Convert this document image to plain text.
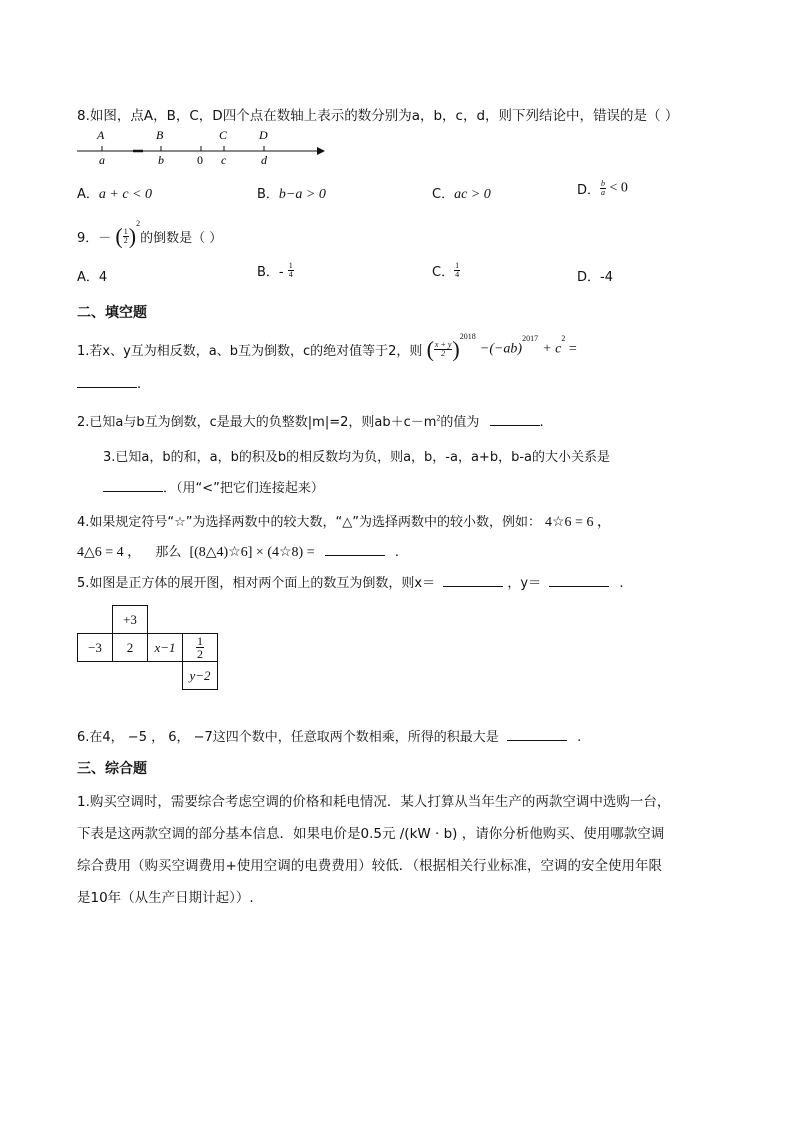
8.如图，点A，B，C，D四个点在数轴上表示的数分别为a，b，c，d，则下列结论中，错误的是（ ）
A	B	C	D
a	b	0 c	d
A．a + c < 0	B．b−a > 0	C．ac > 0	D． $\frac{b}{a} < 0$
9．－ ( $\frac{1}{2} )^2$的倒数是（ ）
A．4	B．- $\frac{1}{4}$	C． $\frac{1}{4}$	D．-4
二、填空题
1.若x、y互为相反数，a、b互为倒数，c的绝对值等于2，则 ( $\frac{x + y}{2} )^{2018} -(-ab)^{2017} + c^2$ =
.
2.已知a与b互为倒数，c是最大的负整数|m|=2，则$ab+c-m^2$的值为	.
3.已知a，b的和，a，b的积及b的相反数均为负，则a，b，-a，a+b，b-a的大小关系是
．（用“<”把它们连接起来）
4.如果规定符号“☆”为选择两数中的较大数，“△”为选择两数中的较小数，例如： 4☆6 = 6 ，
4△6 = 4 ， 那么 [(8△4)☆6] × (4☆8) =	.
5.如图是正方体的展开图，相对两个面上的数互为倒数，则x＝	，y＝	.
	+3		
−3	2	x−1	$\frac{1}{2}$

			y−2
6.在4， −5 ， 6， −7这四个数中，任意取两个数相乘，所得的积最大是	.
三、综合题
1.购买空调时，需要综合考虑空调的价格和耗电情况．某人打算从当年生产的两款空调中选购一台，
下表是这两款空调的部分基本信息．如果电价是0.5元 /(kW · b) ，请你分析他购买、使用哪款空调
综合费用（购买空调费用+使用空调的电费费用）较低．（根据相关行业标准，空调的安全使用年限
是10年（从生产日期计起））.
